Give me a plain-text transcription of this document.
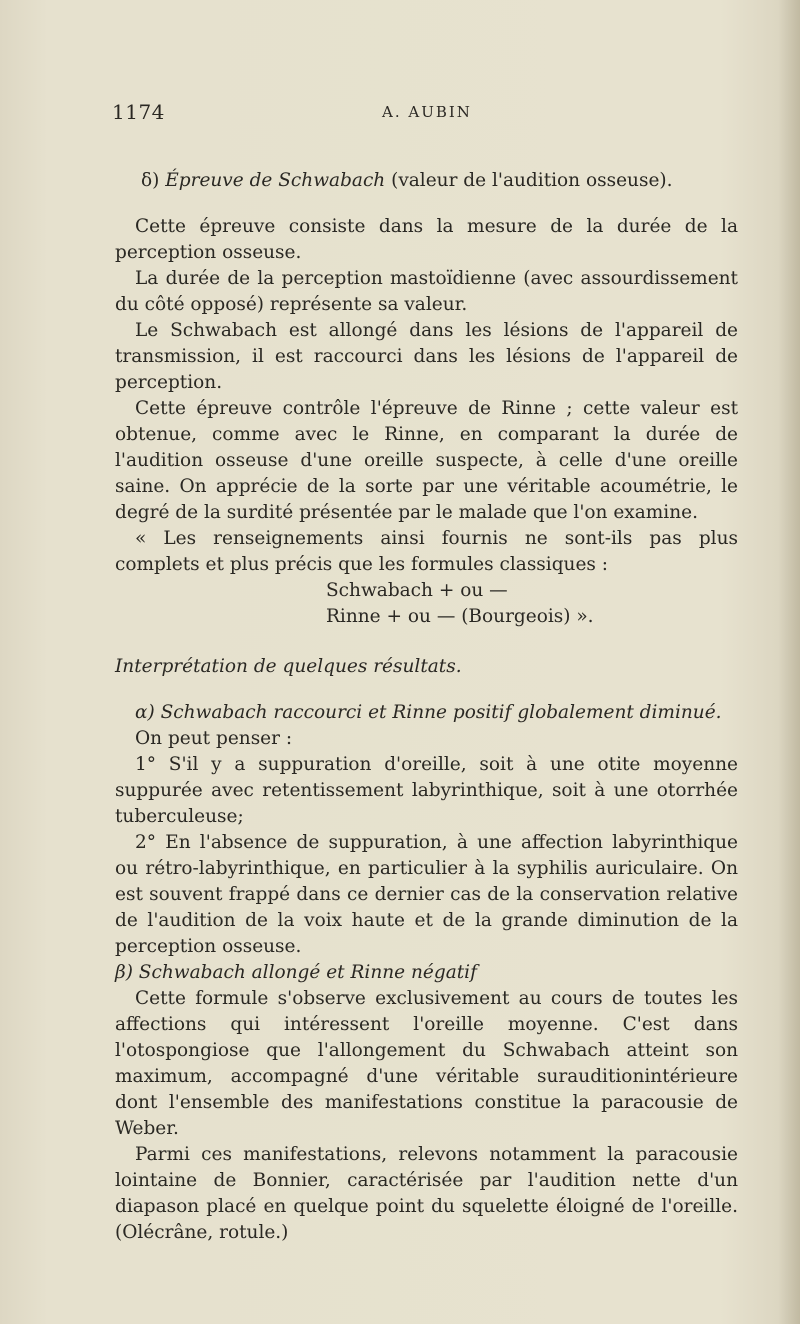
1174	A. AUBIN

δ) Épreuve de Schwabach (valeur de l'audition osseuse).

Cette épreuve consiste dans la mesure de la durée de la perception osseuse.

La durée de la perception mastoïdienne (avec assourdissement du côté opposé) représente sa valeur.

Le Schwabach est allongé dans les lésions de l'appareil de transmission, il est raccourci dans les lésions de l'appareil de perception.

Cette épreuve contrôle l'épreuve de Rinne ; cette valeur est obtenue, comme avec le Rinne, en comparant la durée de l'audition osseuse d'une oreille suspecte, à celle d'une oreille saine. On apprécie de la sorte par une véritable acoumétrie, le degré de la surdité présentée par le malade que l'on examine.

« Les renseignements ainsi fournis ne sont-ils pas plus complets et plus précis que les formules classiques :

Schwabach + ou —

Rinne + ou — (Bourgeois) ».

Interprétation de quelques résultats.

α) Schwabach raccourci et Rinne positif globalement diminué.

On peut penser :

1° S'il y a suppuration d'oreille, soit à une otite moyenne suppurée avec retentissement labyrinthique, soit à une otorrhée tuberculeuse;

2° En l'absence de suppuration, à une affection labyrinthique ou rétro-labyrinthique, en particulier à la syphilis auriculaire. On est souvent frappé dans ce dernier cas de la conservation relative de l'audition de la voix haute et de la grande diminution de la perception osseuse.

β) Schwabach allongé et Rinne négatif

Cette formule s'observe exclusivement au cours de toutes les affections qui intéressent l'oreille moyenne. C'est dans l'otospongiose que l'allongement du Schwabach atteint son maximum, accompagné d'une véritable surauditionintérieure dont l'ensemble des manifestations constitue la paracousie de Weber.

Parmi ces manifestations, relevons notamment la paracousie lointaine de Bonnier, caractérisée par l'audition nette d'un diapason placé en quelque point du squelette éloigné de l'oreille. (Olécrâne, rotule.)
